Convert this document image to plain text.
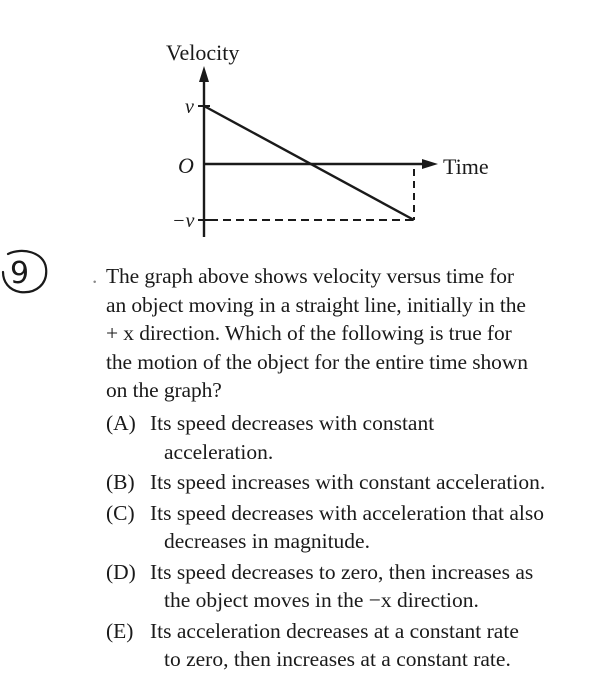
Velocity
Time
v
O
−v
9	. The graph above shows velocity versus time for
an object moving in a straight line, initially in the
+ x direction. Which of the following is true for
the motion of the object for the entire time shown
on the graph?
(A) Its speed decreases with constant
acceleration.
(B) Its speed increases with constant acceleration.
(C) Its speed decreases with acceleration that also
decreases in magnitude.
(D) Its speed decreases to zero, then increases as
the object moves in the −x direction.
(E) Its acceleration decreases at a constant rate
to zero, then increases at a constant rate.
